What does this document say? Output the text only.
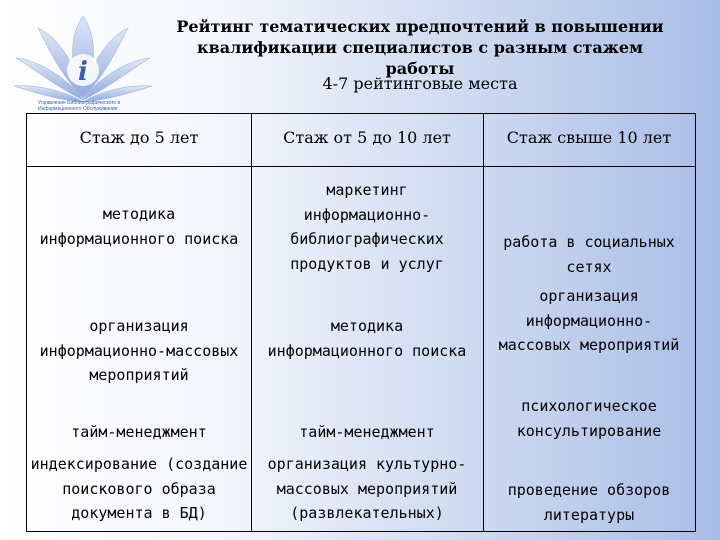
i
Управление Библиографического и Информационного Обслуживания
Рейтинг тематических предпочтений в повышении квалификации специалистов с разным стажем работы
4-7 рейтинговые места
Стаж до 5 лет	Стаж от 5 до 10 лет	Стаж свыше 10 лет
методика информационного поиска
организация информационно-массовых мероприятий
тайм-менеджмент
индексирование (создание поискового образа документа в БД)
маркетинг информационно-библиографических продуктов и услуг
методика информационного поиска
тайм-менеджмент
организация культурно-массовых мероприятий (развлекательных)
работа в социальных сетях
организация информационно-массовых мероприятий
психологическое консультирование
проведение обзоров литературы
